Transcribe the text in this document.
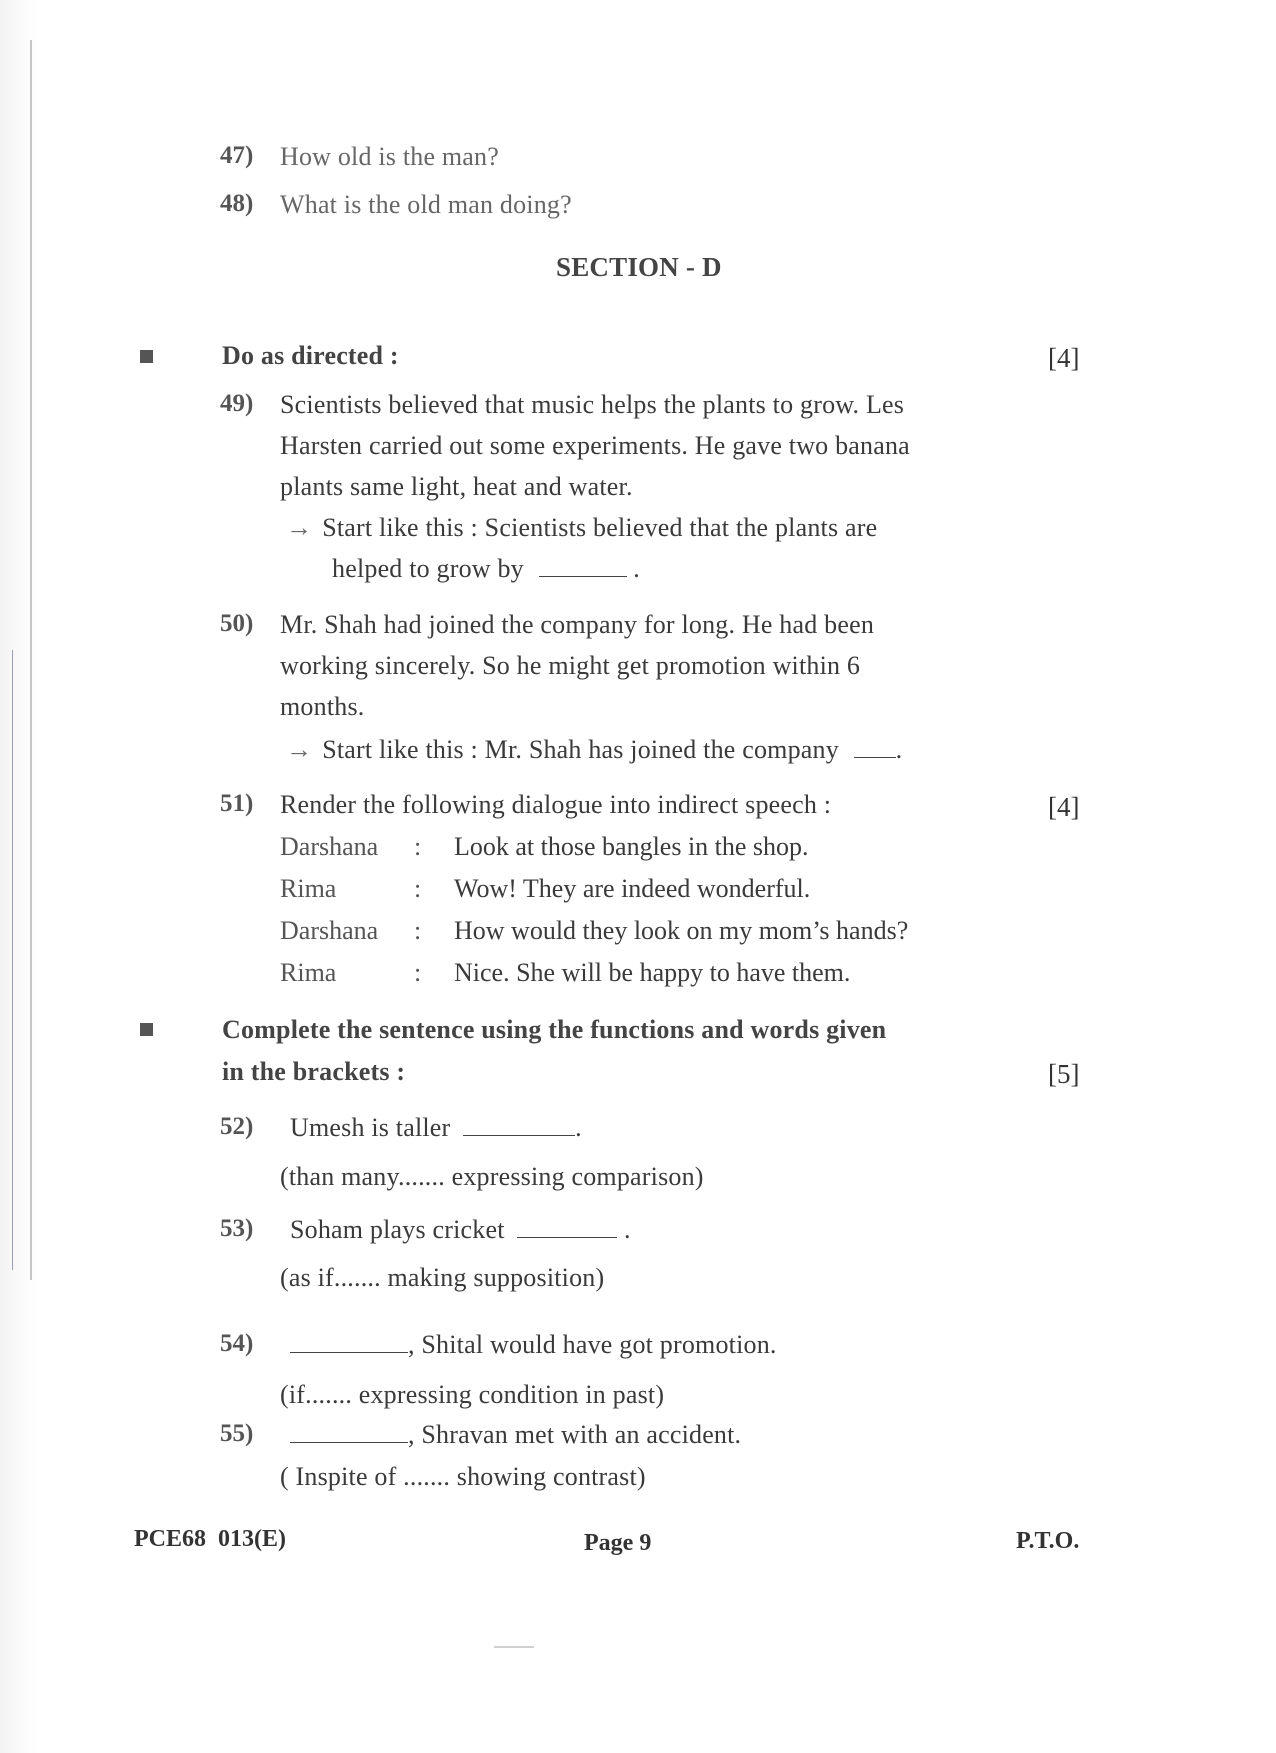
47) How old is the man?
48) What is the old man doing?
SECTION - D
Do as directed :	[4]
49) Scientists believed that music helps the plants to grow. Les
Harsten carried out some experiments. He gave two banana
plants same light, heat and water.
→ Start like this : Scientists believed that the plants are
helped to grow by	.
50) Mr. Shah had joined the company for long. He had been
working sincerely. So he might get promotion within 6
months.
→ Start like this : Mr. Shah has joined the company .
51) Render the following dialogue into indirect speech :	[4]
Darshana : Look at those bangles in the shop.
Rima	: Wow! They are indeed wonderful.
Darshana : How would they look on my mom’s hands?
Rima	: Nice. She will be happy to have them.
Complete the sentence using the functions and words given
in the brackets :	[5]
52) Umesh is taller	.
(than many....... expressing comparison)
53) Soham plays cricket	.
(as if....... making supposition)
54)	, Shital would have got promotion.
(if....... expressing condition in past)
55)	, Shravan met with an accident.
( Inspite of ....... showing contrast)
PCE68  013(E)	Page 9	P.T.O.
